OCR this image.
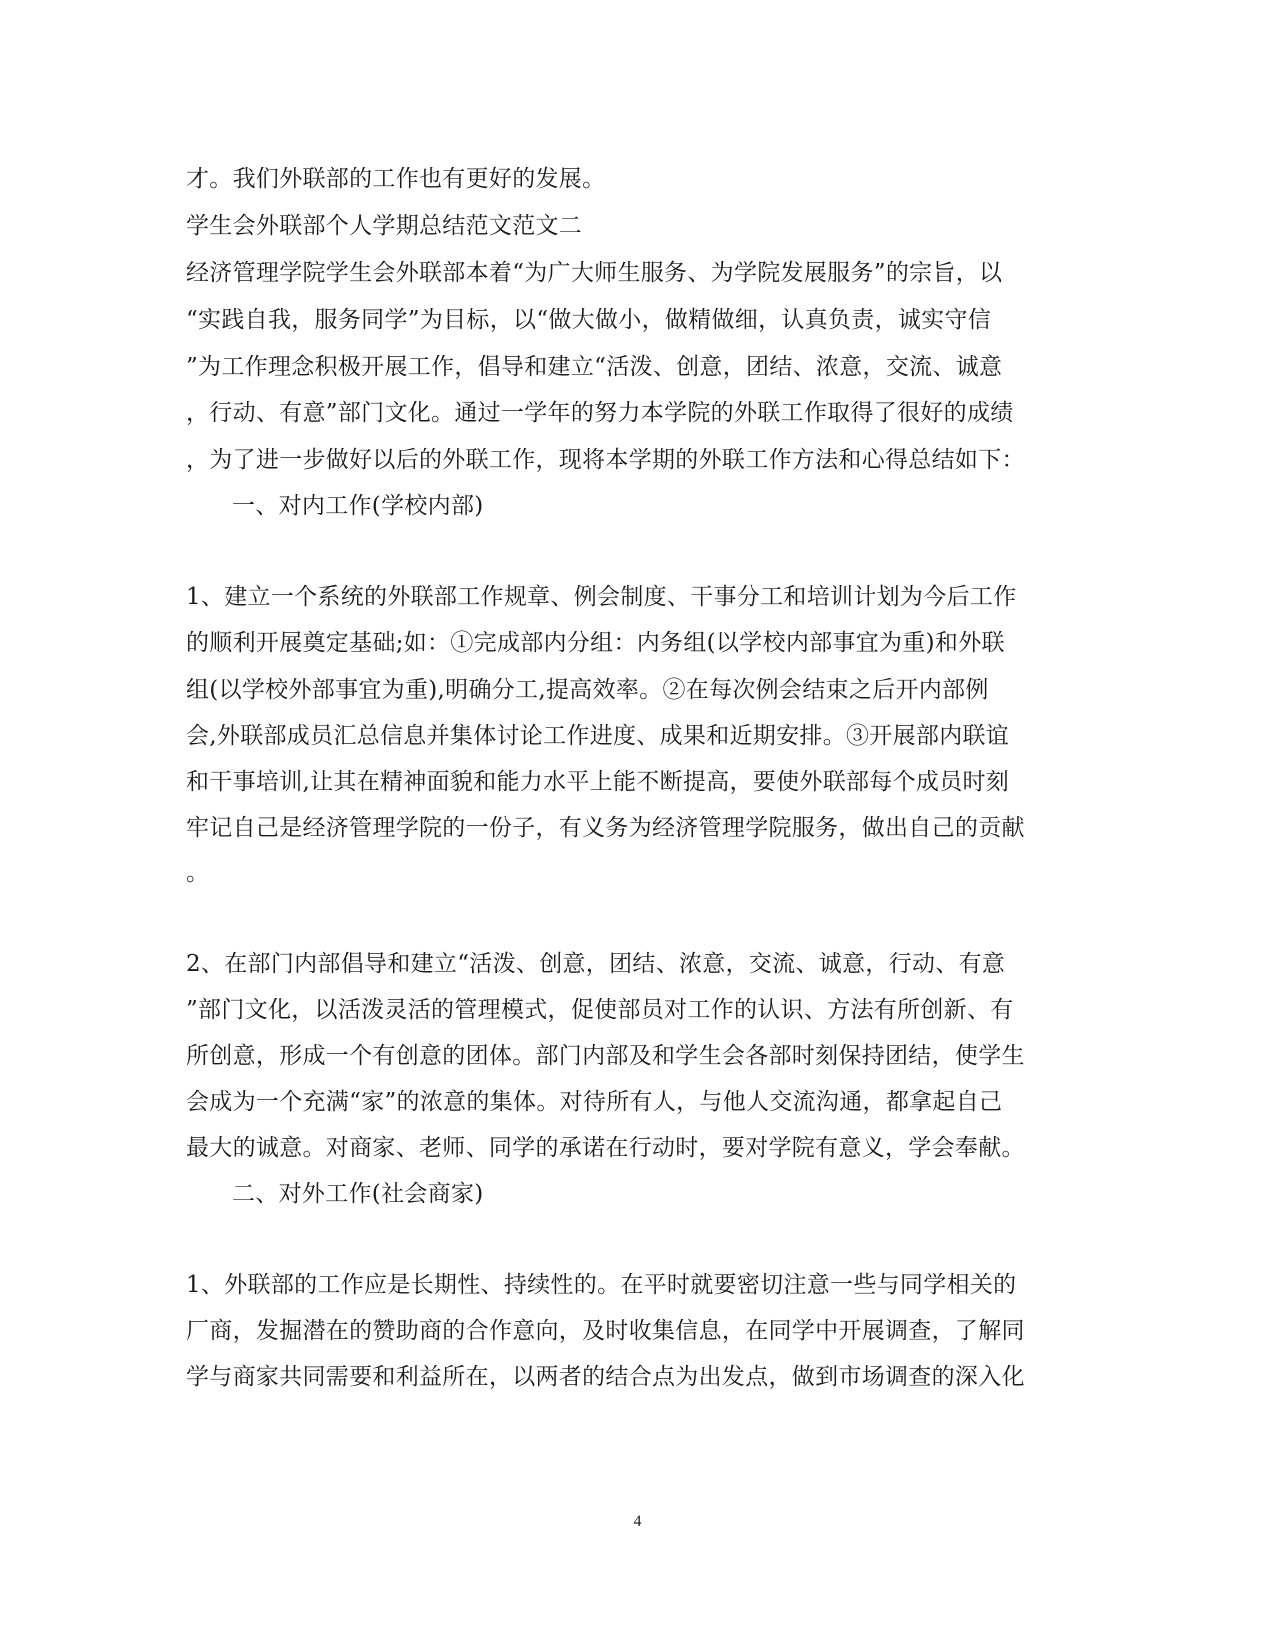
才。我们外联部的工作也有更好的发展。
学生会外联部个人学期总结范文范文二
经济管理学院学生会外联部本着“为广大师生服务、为学院发展服务”的宗旨，以
“实践自我，服务同学”为目标，以“做大做小，做精做细，认真负责，诚实守信
”为工作理念积极开展工作，倡导和建立“活泼、创意，团结、浓意，交流、诚意
，行动、有意”部门文化。通过一学年的努力本学院的外联工作取得了很好的成绩
，为了进一步做好以后的外联工作，现将本学期的外联工作方法和心得总结如下：
一、对内工作(学校内部)
1、建立一个系统的外联部工作规章、例会制度、干事分工和培训计划为今后工作
的顺利开展奠定基础;如：①完成部内分组：内务组(以学校内部事宜为重)和外联
组(以学校外部事宜为重),明确分工,提高效率。②在每次例会结束之后开内部例
会,外联部成员汇总信息并集体讨论工作进度、成果和近期安排。③开展部内联谊
和干事培训,让其在精神面貌和能力水平上能不断提高，要使外联部每个成员时刻
牢记自己是经济管理学院的一份子，有义务为经济管理学院服务，做出自己的贡献
。
2、在部门内部倡导和建立“活泼、创意，团结、浓意，交流、诚意，行动、有意
”部门文化，以活泼灵活的管理模式，促使部员对工作的认识、方法有所创新、有
所创意，形成一个有创意的团体。部门内部及和学生会各部时刻保持团结，使学生
会成为一个充满“家”的浓意的集体。对待所有人，与他人交流沟通，都拿起自己
最大的诚意。对商家、老师、同学的承诺在行动时，要对学院有意义，学会奉献。
二、对外工作(社会商家)
1、外联部的工作应是长期性、持续性的。在平时就要密切注意一些与同学相关的
厂商，发掘潜在的赞助商的合作意向，及时收集信息，在同学中开展调查，了解同
学与商家共同需要和利益所在，以两者的结合点为出发点，做到市场调查的深入化
4
